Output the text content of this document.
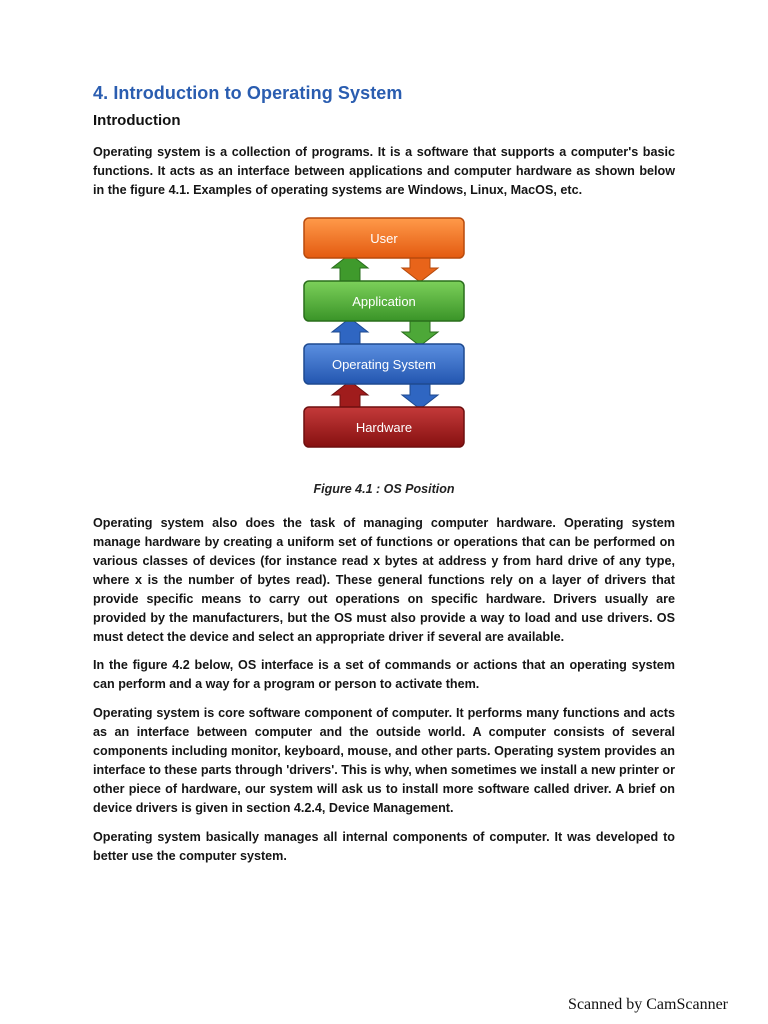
4. Introduction to Operating System
Introduction

Operating system is a collection of programs. It is a software that supports a computer's basic functions. It acts as an interface between applications and computer hardware as shown below in the figure 4.1. Examples of operating systems are Windows, Linux, MacOS, etc.

User
Application
Operating System
Hardware

Figure 4.1 : OS Position

Operating system also does the task of managing computer hardware. Operating system manage hardware by creating a uniform set of functions or operations that can be performed on various classes of devices (for instance read x bytes at address y from hard drive of any type, where x is the number of bytes read). These general functions rely on a layer of drivers that provide specific means to carry out operations on specific hardware. Drivers usually are provided by the manufacturers, but the OS must also provide a way to load and use drivers. OS must detect the device and select an appropriate driver if several are available.

In the figure 4.2 below, OS interface is a set of commands or actions that an operating system can perform and a way for a program or person to activate them.

Operating system is core software component of computer. It performs many functions and acts as an interface between computer and the outside world. A computer consists of several components including monitor, keyboard, mouse, and other parts. Operating system provides an interface to these parts through 'drivers'. This is why, when sometimes we install a new printer or other piece of hardware, our system will ask us to install more software called driver. A brief on device drivers is given in section 4.2.4, Device Management.

Operating system basically manages all internal components of computer. It was developed to better use the computer system.

Scanned by CamScanner
